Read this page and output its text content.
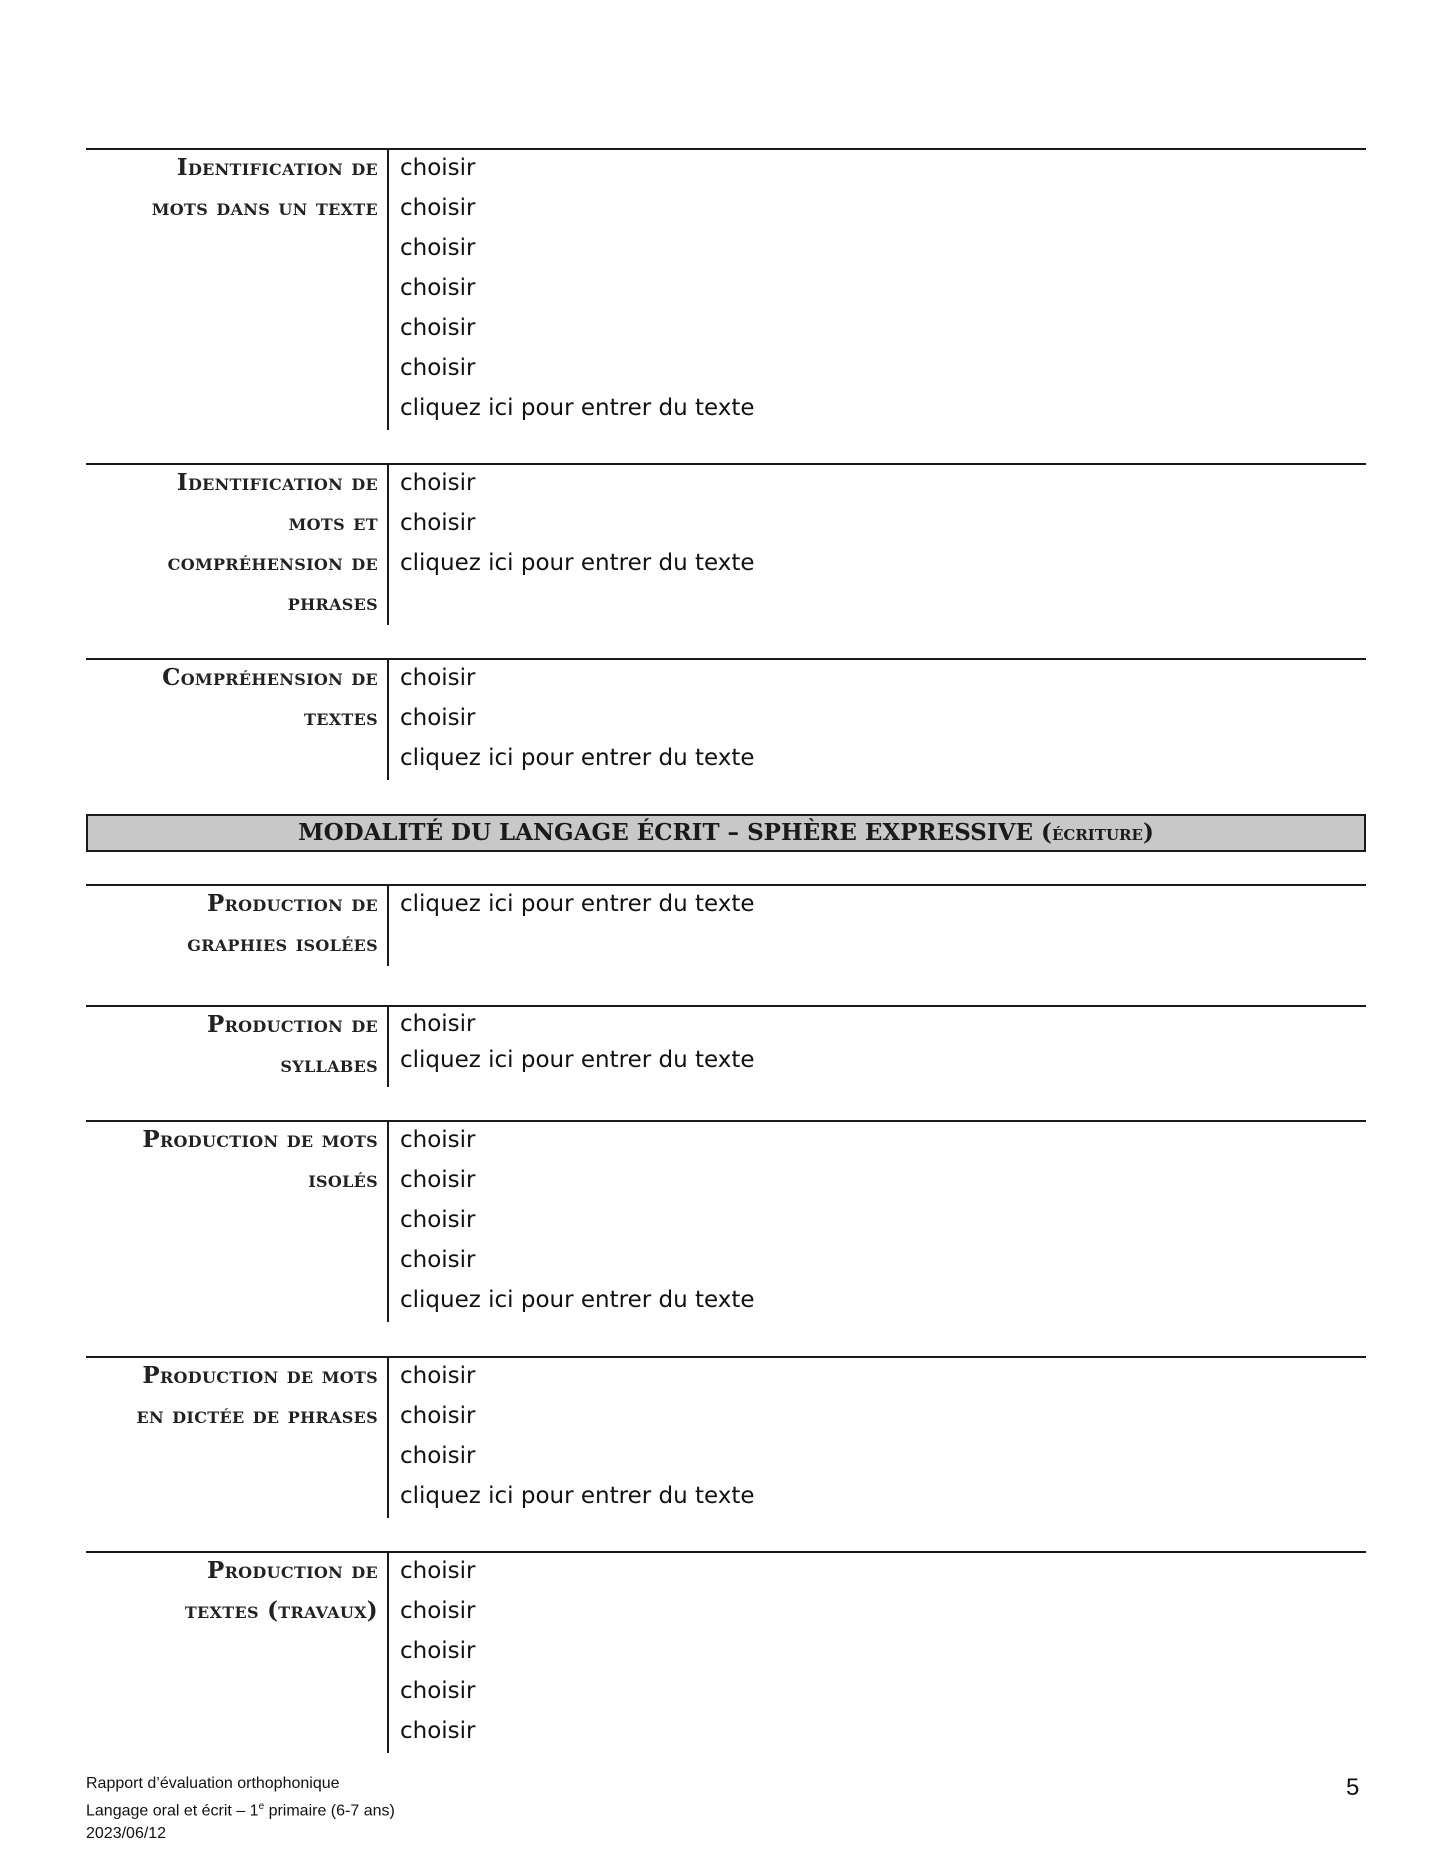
Identification de
mots dans un texte
choisir
choisir
choisir
choisir
choisir
choisir
cliquez ici pour entrer du texte
Identification de
mots et
compréhension de
phrases
choisir
choisir
cliquez ici pour entrer du texte
Compréhension de
textes
choisir
choisir
cliquez ici pour entrer du texte
MODALITÉ DU LANGAGE ÉCRIT – SPHÈRE EXPRESSIVE (écriture)
Production de
graphies isolées
cliquez ici pour entrer du texte
Production de
syllabes
choisir
cliquez ici pour entrer du texte
Production de mots
isolés
choisir
choisir
choisir
choisir
cliquez ici pour entrer du texte
Production de mots
en dictée de phrases
choisir
choisir
choisir
cliquez ici pour entrer du texte
Production de
textes (travaux)
choisir
choisir
choisir
choisir
choisir
Rapport d’évaluation orthophonique
Langage oral et écrit – 1e primaire (6-7 ans)
2023/06/12
5
